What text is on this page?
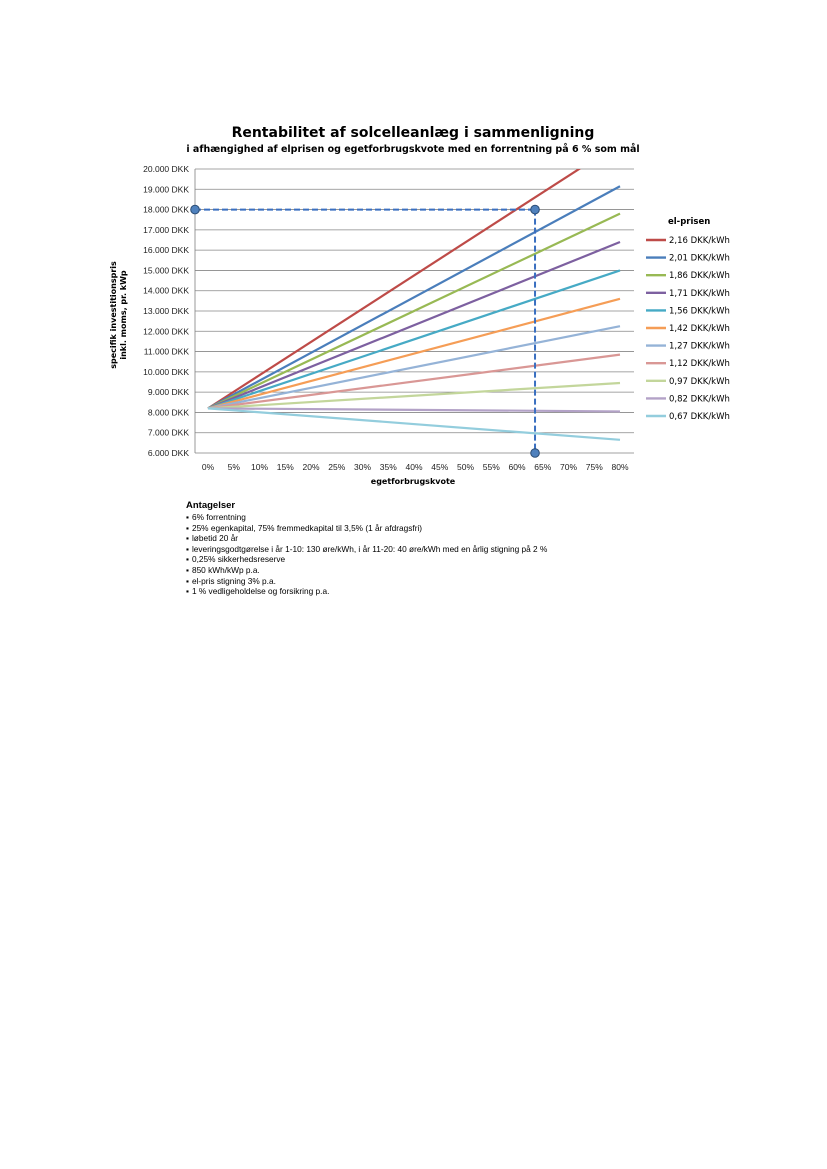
Rentabilitet af solcelleanlæg i sammenligning
i afhængighed af elprisen og egetforbrugskvote med en forrentning på 6 % som mål
6.000 DKK
7.000 DKK
8.000 DKK
9.000 DKK
10.000 DKK
11.000 DKK
12.000 DKK
13.000 DKK
14.000 DKK
15.000 DKK
16.000 DKK
17.000 DKK
18.000 DKK
19.000 DKK
20.000 DKK
0% 5% 10% 15% 20% 25% 30% 35% 40% 45% 50% 55% 60% 65% 70% 75% 80%
egetforbrugskvote
specifik investitionspris inkl. moms, pr. kWp
el-prisen
2,16 DKK/kWh
2,01 DKK/kWh
1,86 DKK/kWh
1,71 DKK/kWh
1,56 DKK/kWh
1,42 DKK/kWh
1,27 DKK/kWh
1,12 DKK/kWh
0,97 DKK/kWh
0,82 DKK/kWh
0,67 DKK/kWh
Antagelser
▪ 6% forrentning
▪ 25% egenkapital, 75% fremmedkapital til 3,5% (1 år afdragsfri)
▪ løbetid 20 år
▪ leveringsgodtgørelse i år 1-10: 130 øre/kWh, i år 11-20: 40 øre/kWh med en årlig stigning på 2 %
▪ 0,25% sikkerhedsreserve
▪ 850 kWh/kWp p.a.
▪ el-pris stigning 3% p.a.
▪ 1 % vedligeholdelse og forsikring p.a.
